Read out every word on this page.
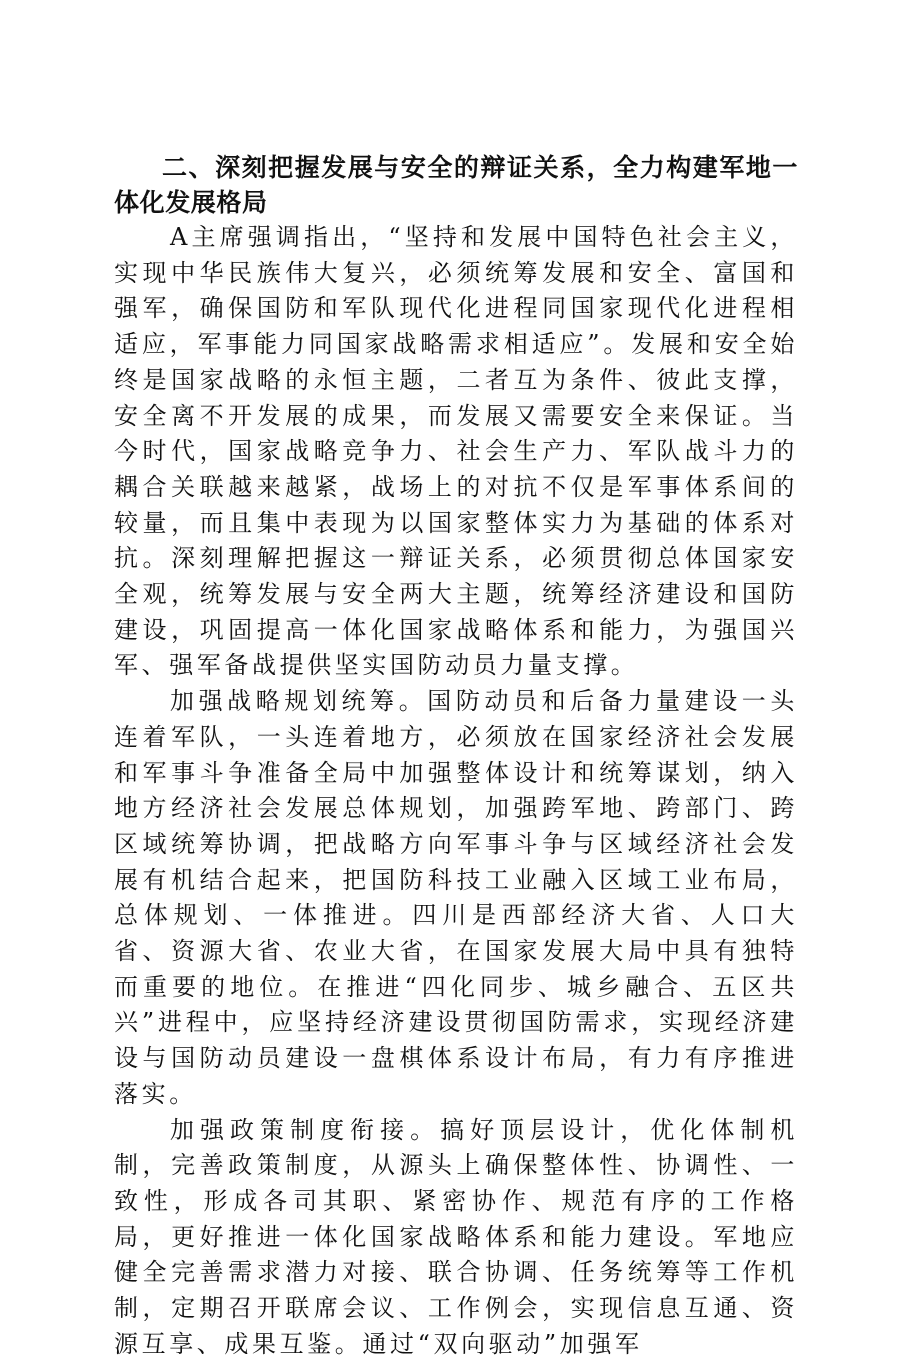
二、深刻把握发展与安全的辩证关系，全力构建军地一体化发展格局

A主席强调指出，“坚持和发展中国特色社会主义，实现中华民族伟大复兴，必须统筹发展和安全、富国和强军，确保国防和军队现代化进程同国家现代化进程相适应，军事能力同国家战略需求相适应”。发展和安全始终是国家战略的永恒主题，二者互为条件、彼此支撑，安全离不开发展的成果，而发展又需要安全来保证。当今时代，国家战略竞争力、社会生产力、军队战斗力的耦合关联越来越紧，战场上的对抗不仅是军事体系间的较量，而且集中表现为以国家整体实力为基础的体系对抗。深刻理解把握这一辩证关系，必须贯彻总体国家安全观，统筹发展与安全两大主题，统筹经济建设和国防建设，巩固提高一体化国家战略体系和能力，为强国兴军、强军备战提供坚实国防动员力量支撑。

加强战略规划统筹。国防动员和后备力量建设一头连着军队，一头连着地方，必须放在国家经济社会发展和军事斗争准备全局中加强整体设计和统筹谋划，纳入地方经济社会发展总体规划，加强跨军地、跨部门、跨区域统筹协调，把战略方向军事斗争与区域经济社会发展有机结合起来，把国防科技工业融入区域工业布局，总体规划、一体推进。四川是西部经济大省、人口大省、资源大省、农业大省，在国家发展大局中具有独特而重要的地位。在推进“四化同步、城乡融合、五区共兴”进程中，应坚持经济建设贯彻国防需求，实现经济建设与国防动员建设一盘棋体系设计布局，有力有序推进落实。

加强政策制度衔接。搞好顶层设计，优化体制机制，完善政策制度，从源头上确保整体性、协调性、一致性，形成各司其职、紧密协作、规范有序的工作格局，更好推进一体化国家战略体系和能力建设。军地应健全完善需求潜力对接、联合协调、任务统筹等工作机制，定期召开联席会议、工作例会，实现信息互通、资源互享、成果互鉴。通过“双向驱动”加强军
